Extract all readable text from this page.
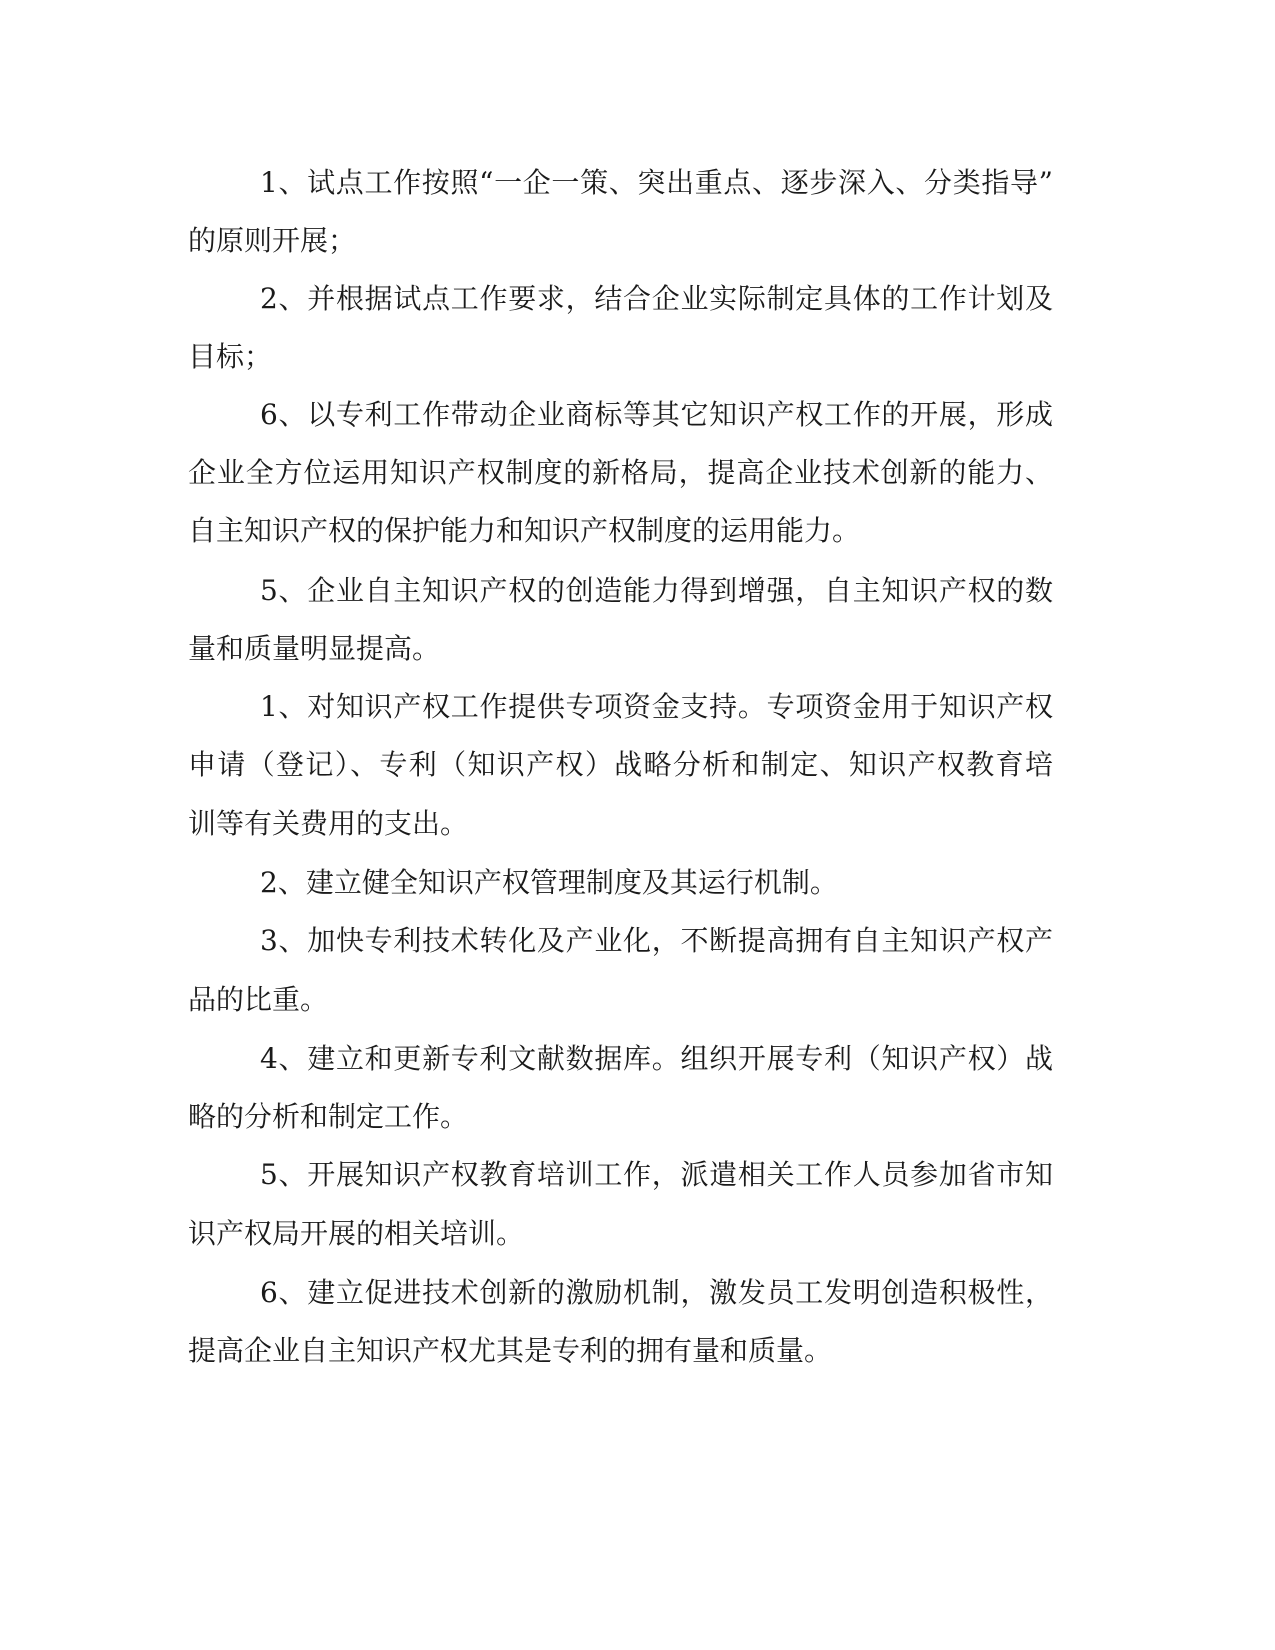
1、试点工作按照“一企一策、突出重点、逐步深入、分类指导”

的原则开展；

2、并根据试点工作要求，结合企业实际制定具体的工作计划及

目标；

6、以专利工作带动企业商标等其它知识产权工作的开展，形成

企业全方位运用知识产权制度的新格局，提高企业技术创新的能力、

自主知识产权的保护能力和知识产权制度的运用能力。

5、企业自主知识产权的创造能力得到增强，自主知识产权的数

量和质量明显提高。

1、对知识产权工作提供专项资金支持。专项资金用于知识产权

申请（登记）、专利（知识产权）战略分析和制定、知识产权教育培

训等有关费用的支出。

2、建立健全知识产权管理制度及其运行机制。

3、加快专利技术转化及产业化，不断提高拥有自主知识产权产

品的比重。

4、建立和更新专利文献数据库。组织开展专利（知识产权）战

略的分析和制定工作。

5、开展知识产权教育培训工作，派遣相关工作人员参加省市知

识产权局开展的相关培训。

6、建立促进技术创新的激励机制，激发员工发明创造积极性，

提高企业自主知识产权尤其是专利的拥有量和质量。
